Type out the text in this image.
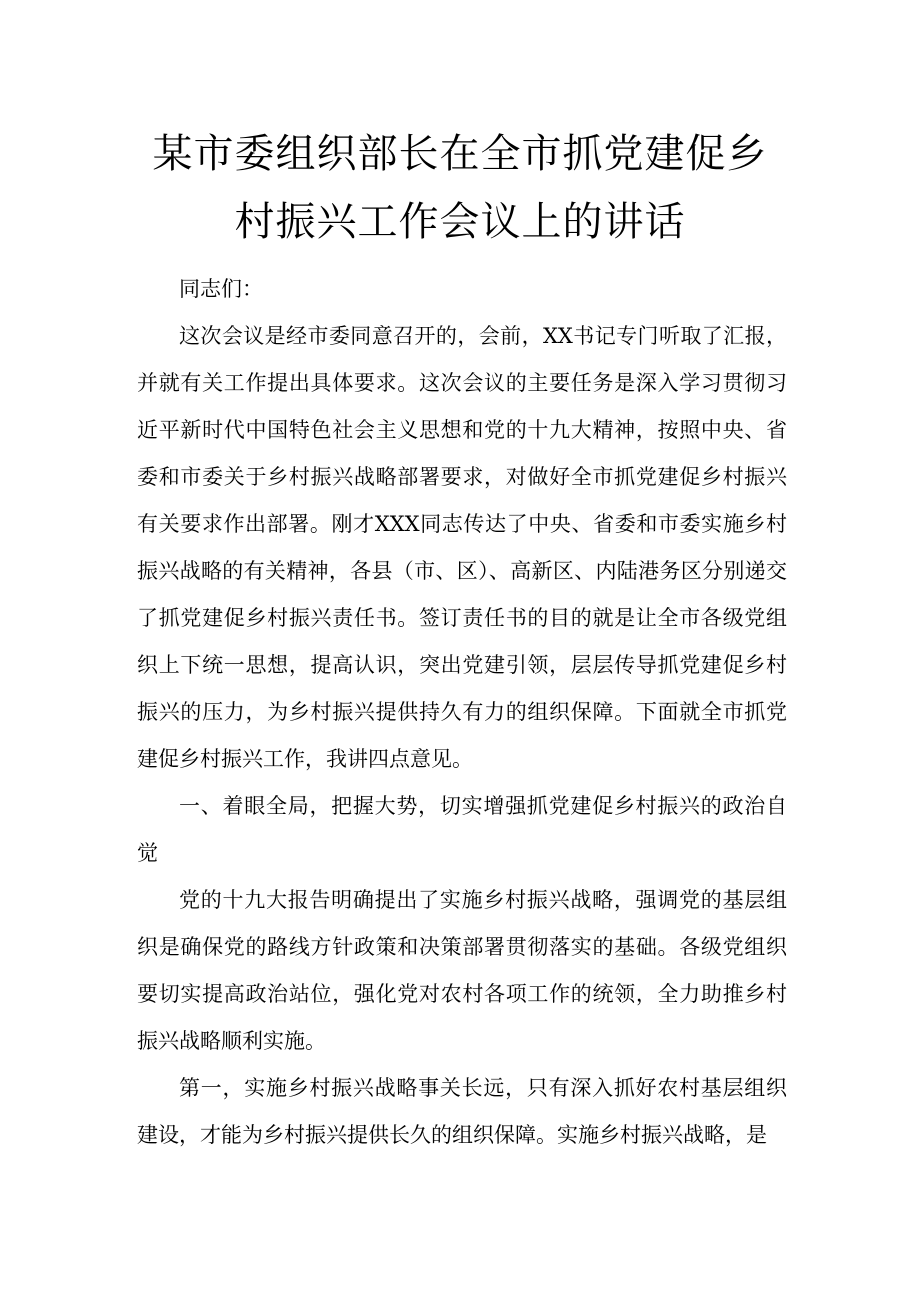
某市委组织部长在全市抓党建促乡
村振兴工作会议上的讲话

同志们：

这次会议是经市委同意召开的，会前，XX书记专门听取了汇报，并就有关工作提出具体要求。这次会议的主要任务是深入学习贯彻习近平新时代中国特色社会主义思想和党的十九大精神，按照中央、省委和市委关于乡村振兴战略部署要求，对做好全市抓党建促乡村振兴有关要求作出部署。刚才XXX同志传达了中央、省委和市委实施乡村振兴战略的有关精神，各县（市、区）、高新区、内陆港务区分别递交了抓党建促乡村振兴责任书。签订责任书的目的就是让全市各级党组织上下统一思想，提高认识，突出党建引领，层层传导抓党建促乡村振兴的压力，为乡村振兴提供持久有力的组织保障。下面就全市抓党建促乡村振兴工作，我讲四点意见。

一、着眼全局，把握大势，切实增强抓党建促乡村振兴的政治自觉

党的十九大报告明确提出了实施乡村振兴战略，强调党的基层组织是确保党的路线方针政策和决策部署贯彻落实的基础。各级党组织要切实提高政治站位，强化党对农村各项工作的统领，全力助推乡村振兴战略顺利实施。

第一，实施乡村振兴战略事关长远，只有深入抓好农村基层组织建设，才能为乡村振兴提供长久的组织保障。实施乡村振兴战略，是
